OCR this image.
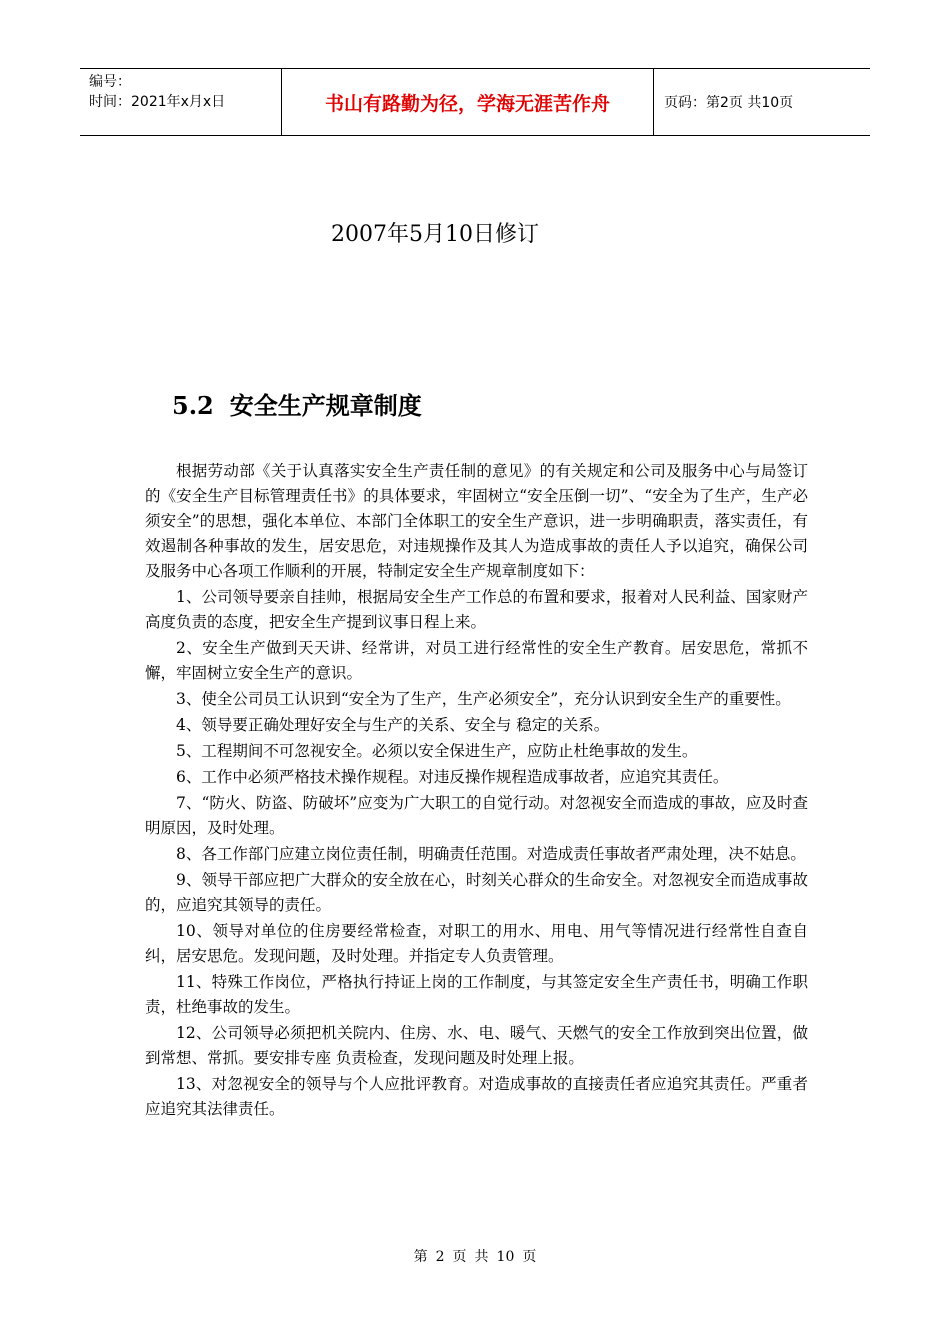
编号：
时间：2021年x月x日	书山有路勤为径，学海无涯苦作舟	页码：第2页 共10页
2007年5月10日修订
5.2 安全生产规章制度

根据劳动部《关于认真落实安全生产责任制的意见》的有关规定和公司及服务中心与局签订的《安全生产目标管理责任书》的具体要求，牢固树立“安全压倒一切”、“安全为了生产，生产必须安全”的思想，强化本单位、本部门全体职工的安全生产意识，进一步明确职责，落实责任，有效遏制各种事故的发生，居安思危，对违规操作及其人为造成事故的责任人予以追究，确保公司及服务中心各项工作顺利的开展，特制定安全生产规章制度如下：

1、公司领导要亲自挂帅，根据局安全生产工作总的布置和要求，报着对人民利益、国家财产高度负责的态度，把安全生产提到议事日程上来。

2、安全生产做到天天讲、经常讲，对员工进行经常性的安全生产教育。居安思危，常抓不懈，牢固树立安全生产的意识。

3、使全公司员工认识到“安全为了生产，生产必须安全”，充分认识到安全生产的重要性。

4、领导要正确处理好安全与生产的关系、安全与 稳定的关系。

5、工程期间不可忽视安全。必须以安全保进生产，应防止杜绝事故的发生。

6、工作中必须严格技术操作规程。对违反操作规程造成事故者，应追究其责任。

7、“防火、防盗、防破坏”应变为广大职工的自觉行动。对忽视安全而造成的事故，应及时查明原因，及时处理。

8、各工作部门应建立岗位责任制，明确责任范围。对造成责任事故者严肃处理，决不姑息。

9、领导干部应把广大群众的安全放在心，时刻关心群众的生命安全。对忽视安全而造成事故的，应追究其领导的责任。

10、领导对单位的住房要经常检查，对职工的用水、用电、用气等情况进行经常性自查自纠，居安思危。发现问题，及时处理。并指定专人负责管理。

11、特殊工作岗位，严格执行持证上岗的工作制度，与其签定安全生产责任书，明确工作职责，杜绝事故的发生。

12、公司领导必须把机关院内、住房、水、电、暖气、天燃气的安全工作放到突出位置，做到常想、常抓。要安排专座 负责检查，发现问题及时处理上报。

13、对忽视安全的领导与个人应批评教育。对造成事故的直接责任者应追究其责任。严重者应追究其法律责任。

第 2 页 共 10 页
